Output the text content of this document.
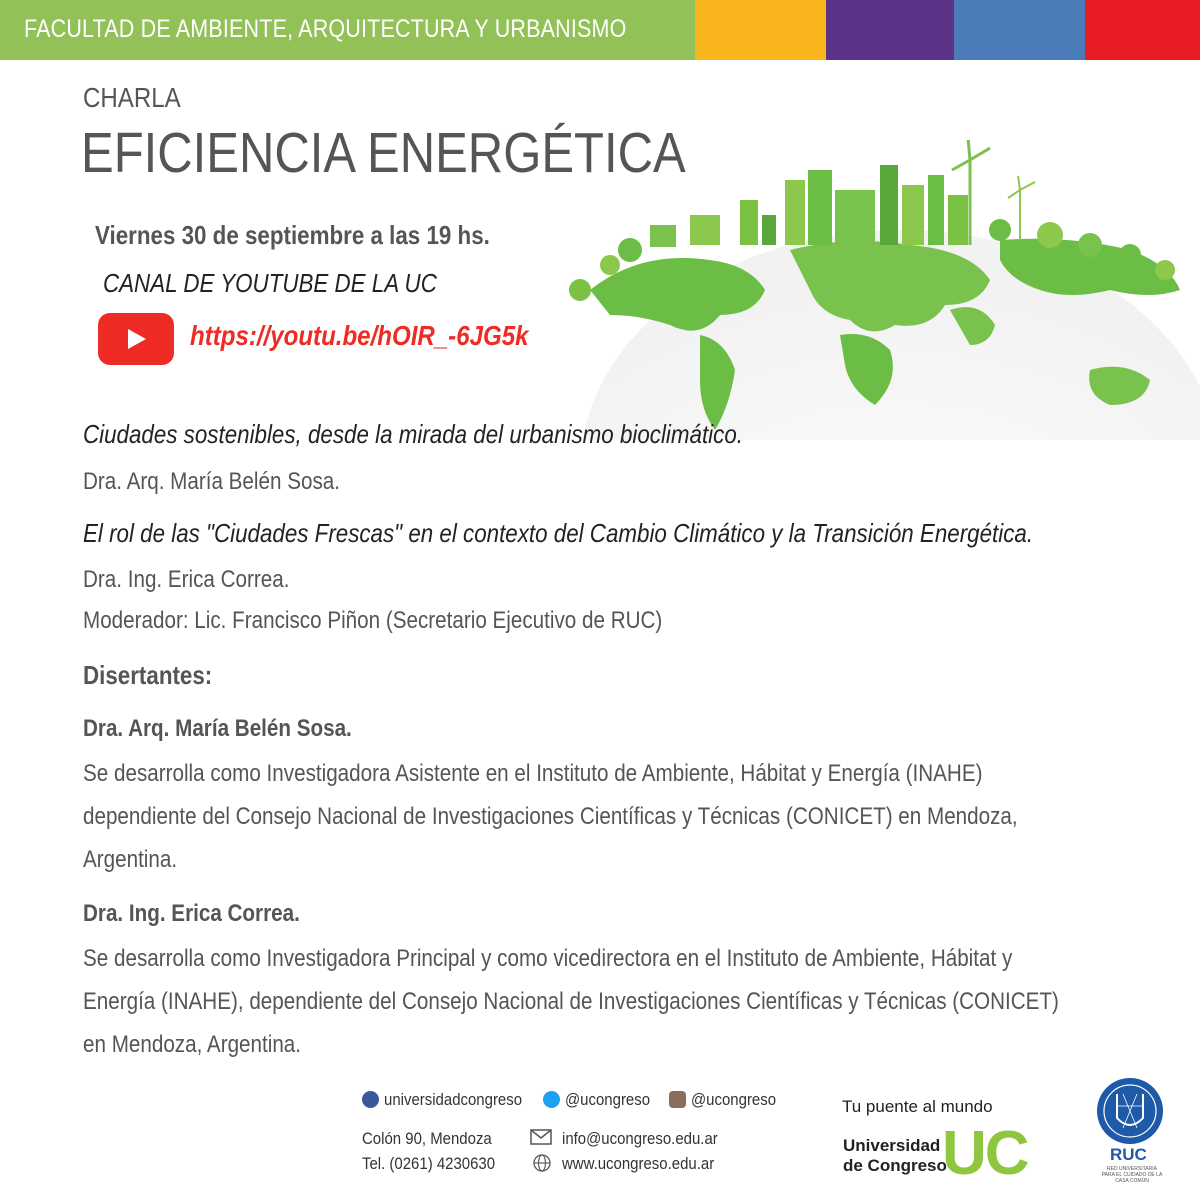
FACULTAD DE AMBIENTE, ARQUITECTURA Y URBANISMO
CHARLA
EFICIENCIA ENERGÉTICA
Viernes 30 de septiembre a las 19 hs.
CANAL DE YOUTUBE DE LA UC
https://youtu.be/hOIR_-6JG5k
Ciudades sostenibles, desde la mirada del urbanismo bioclimático.
Dra. Arq. María Belén Sosa.
El rol de las "Ciudades Frescas" en el contexto del Cambio Climático y la Transición Energética.
Dra. Ing. Erica Correa.
Moderador: Lic. Francisco Piñon (Secretario Ejecutivo de RUC)
Disertantes:
Dra. Arq. María Belén Sosa.
Se desarrolla como Investigadora Asistente en el Instituto de Ambiente, Hábitat y Energía (INAHE)
dependiente del Consejo Nacional de Investigaciones Científicas y Técnicas (CONICET) en Mendoza,
Argentina.
Dra. Ing. Erica Correa.
Se desarrolla como Investigadora Principal y como vicedirectora en el Instituto de Ambiente, Hábitat y
Energía (INAHE), dependiente del Consejo Nacional de Investigaciones Científicas y Técnicas (CONICET)
en Mendoza, Argentina.
universidadcongreso	@ucongreso @ucongreso
Colón 90, Mendoza
Tel. (0261) 4230630
info@ucongreso.edu.ar
www.ucongreso.edu.ar
Tu puente al mundo
Universidad
de Congreso
UC	RUC
RED UNIVERSITARIA PARA EL CUIDADO DE LA CASA COMÚN
